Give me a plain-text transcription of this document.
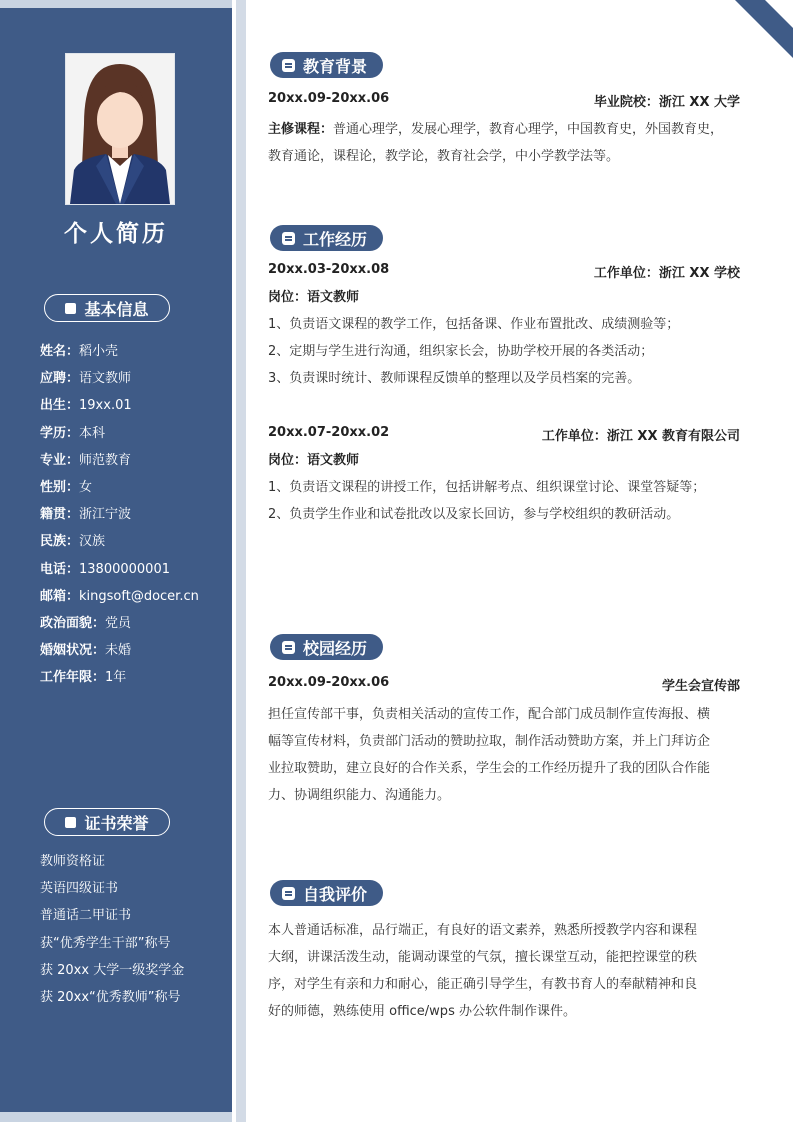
个人简历
基本信息
姓名：稻小壳
应聘：语文教师
出生：19xx.01
学历：本科
专业：师范教育
性别：女
籍贯：浙江宁波
民族：汉族
电话：13800000001
邮箱：kingsoft@docer.cn
政治面貌：党员
婚姻状况：未婚
工作年限：1年
证书荣誉
教师资格证
英语四级证书
普通话二甲证书
获“优秀学生干部”称号
获 20xx 大学一级奖学金
获 20xx“优秀教师”称号
教育背景
20xx.09-20xx.06	毕业院校：浙江 XX 大学
主修课程：普通心理学，发展心理学，教育心理学，中国教育史，外国教育史，
教育通论，课程论，教学论，教育社会学，中小学教学法等。
工作经历
20xx.03-20xx.08	工作单位：浙江 XX 学校
岗位：语文教师
1、负责语文课程的教学工作，包括备课、作业布置批改、成绩测验等；
2、定期与学生进行沟通，组织家长会，协助学校开展的各类活动；
3、负责课时统计、教师课程反馈单的整理以及学员档案的完善。
20xx.07-20xx.02	工作单位：浙江 XX 教育有限公司
岗位：语文教师
1、负责语文课程的讲授工作，包括讲解考点、组织课堂讨论、课堂答疑等；
2、负责学生作业和试卷批改以及家长回访，参与学校组织的教研活动。
校园经历
20xx.09-20xx.06	学生会宣传部
担任宣传部干事，负责相关活动的宣传工作，配合部门成员制作宣传海报、横
幅等宣传材料，负责部门活动的赞助拉取，制作活动赞助方案，并上门拜访企
业拉取赞助，建立良好的合作关系，学生会的工作经历提升了我的团队合作能
力、协调组织能力、沟通能力。
自我评价
本人普通话标准，品行端正，有良好的语文素养，熟悉所授教学内容和课程
大纲，讲课活泼生动，能调动课堂的气氛，擅长课堂互动，能把控课堂的秩
序，对学生有亲和力和耐心，能正确引导学生，有教书育人的奉献精神和良
好的师德，熟练使用 office/wps 办公软件制作课件。
